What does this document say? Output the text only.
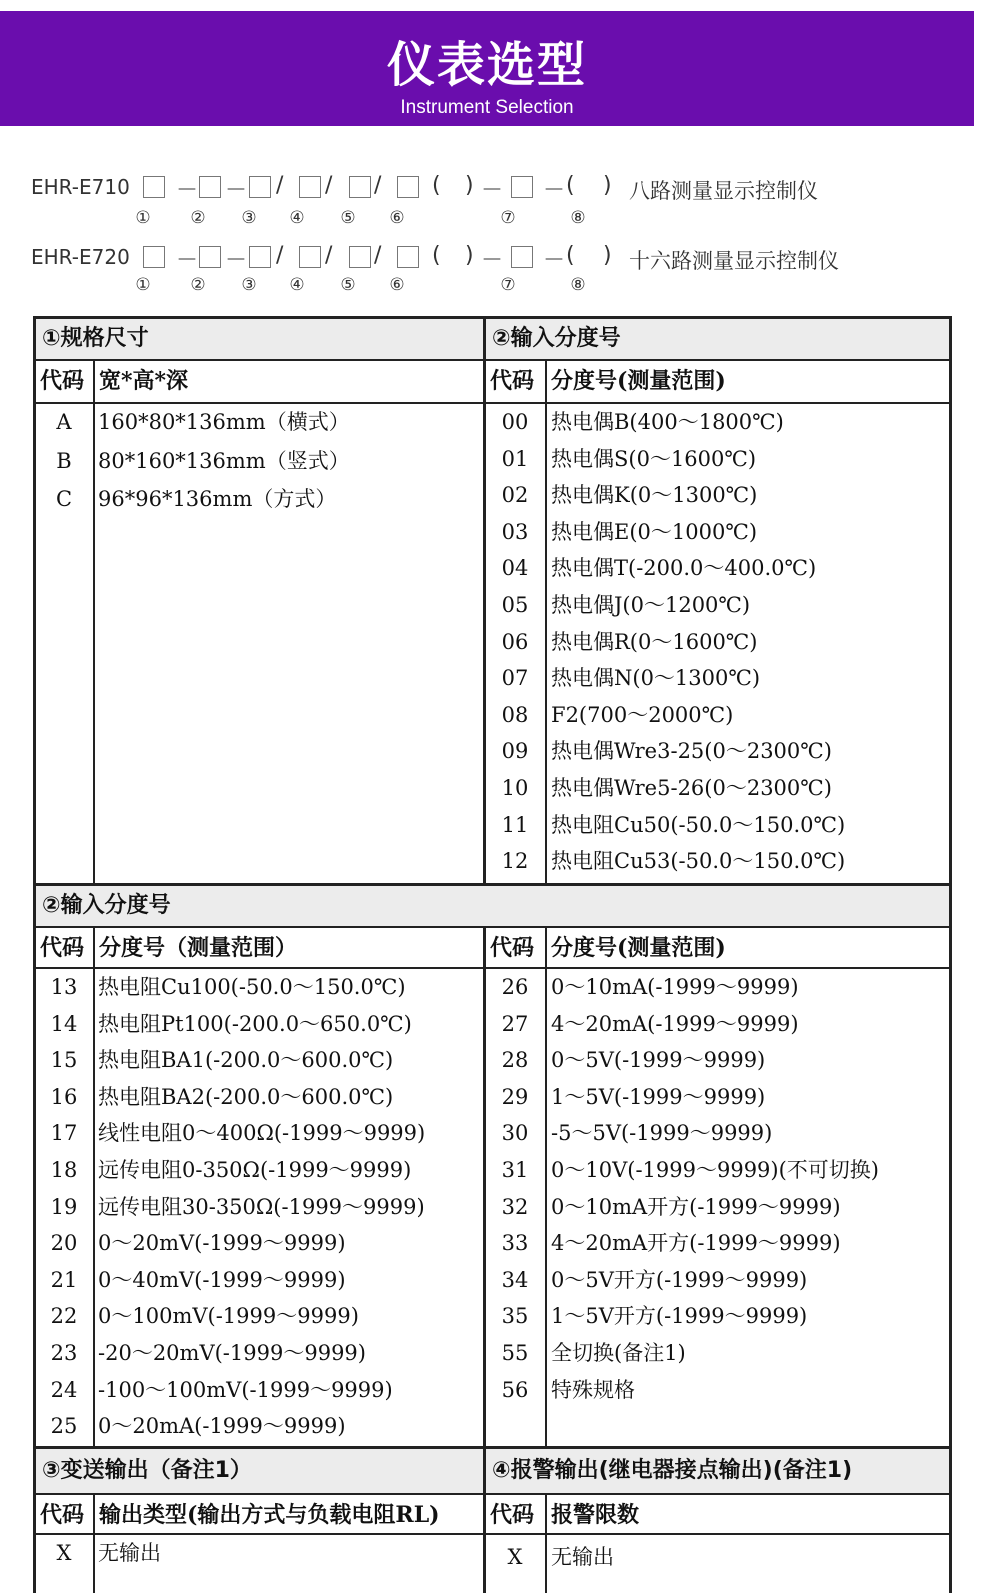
仪表选型
Instrument Selection
EHR-E710 － － / / / ( ) － － ( ) 八路测量显示控制仪
① ② ③ ④ ⑤ ⑥	⑦	⑧
EHR-E720 － － / / / ( ) － － ( ) 十六路测量显示控制仪
① ② ③ ④ ⑤ ⑥	⑦	⑧
①规格尺寸	②输入分度号
代码 宽*高*深	代码 分度号(测量范围)
A	160*80*136mm（横式）
B	80*160*136mm（竖式）
C	96*96*136mm（方式）
00	热电偶B(400～1800℃)
01	热电偶S(0～1600℃)
02	热电偶K(0～1300℃)
03	热电偶E(0～1000℃)
04	热电偶T(-200.0～400.0℃)
05	热电偶J(0～1200℃)
06	热电偶R(0～1600℃)
07	热电偶N(0～1300℃)
08	F2(700～2000℃)
09	热电偶Wre3-25(0～2300℃)
10	热电偶Wre5-26(0～2300℃)
11	热电阻Cu50(-50.0～150.0℃)
12	热电阻Cu53(-50.0～150.0℃)
②输入分度号
代码 分度号（测量范围）	代码 分度号(测量范围)
13 热电阻Cu100(-50.0～150.0℃)
14 热电阻Pt100(-200.0～650.0℃)
15 热电阻BA1(-200.0～600.0℃)
16 热电阻BA2(-200.0～600.0℃)
17 线性电阻0～400Ω(-1999～9999)
18 远传电阻0-350Ω(-1999～9999)
19 远传电阻30-350Ω(-1999～9999)
20 0～20mV(-1999～9999)
21 0～40mV(-1999～9999)
22 0～100mV(-1999～9999)
23 -20～20mV(-1999～9999)
24 -100～100mV(-1999～9999)
25 0～20mA(-1999～9999)
26	0～10mA(-1999～9999)
27	4～20mA(-1999～9999)
28	0～5V(-1999～9999)
29	1～5V(-1999～9999)
30	-5～5V(-1999～9999)
31	0～10V(-1999～9999)(不可切换)
32	0～10mA开方(-1999～9999)
33	4～20mA开方(-1999～9999)
34	0～5V开方(-1999～9999)
35	1～5V开方(-1999～9999)
55	全切换(备注1)
56	特殊规格
③变送输出（备注1）	④报警输出(继电器接点输出)(备注1)
代码 输出类型(输出方式与负载电阻RL) 代码 报警限数
X	无输出	X	无输出
